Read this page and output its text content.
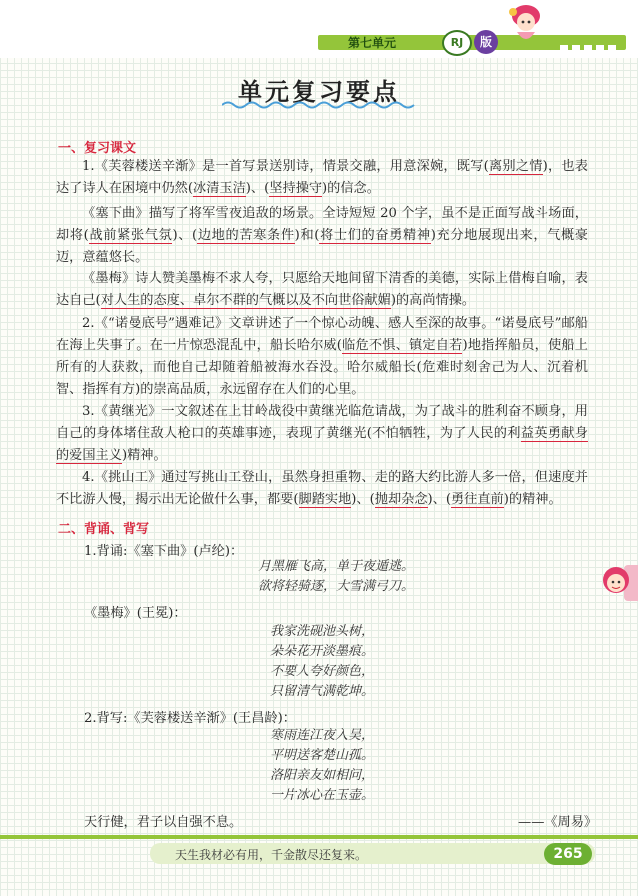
第七单元	RJ	版
单元复习要点
一、复习课文
1.《芙蓉楼送辛渐》是一首写景送别诗，情景交融，用意深婉，既写(离别之情)，也表达了诗人在困境中仍然(冰清玉洁)、(坚持操守)的信念。
《塞下曲》描写了将军雪夜追敌的场景。全诗短短 20 个字，虽不是正面写战斗场面，却将(战前紧张气氛)、(边地的苦寒条件)和(将士们的奋勇精神)充分地展现出来，气概豪迈，意蕴悠长。
《墨梅》诗人赞美墨梅不求人夸，只愿给天地间留下清香的美德，实际上借梅自喻，表达自己(对人生的态度、卓尔不群的气概以及不向世俗献媚)的高尚情操。
2.《“诺曼底号”遇难记》文章讲述了一个惊心动魄、感人至深的故事。“诺曼底号”邮船在海上失事了。在一片惊恐混乱中，船长哈尔威(临危不惧、镇定自若)地指挥船员，使船上所有的人获救，而他自己却随着船被海水吞没。哈尔威船长(危难时刻舍己为人、沉着机智、指挥有方)的崇高品质，永远留存在人们的心里。
3.《黄继光》一文叙述在上甘岭战役中黄继光临危请战，为了战斗的胜利奋不顾身，用自己的身体堵住敌人枪口的英雄事迹，表现了黄继光(不怕牺牲，为了人民的利益英勇献身的爱国主义)精神。
4.《挑山工》通过写挑山工登山，虽然身担重物、走的路大约比游人多一倍，但速度并不比游人慢，揭示出无论做什么事，都要(脚踏实地)、(抛却杂念)、(勇往直前)的精神。
二、背诵、背写
1.背诵:《塞下曲》(卢纶)：
月黑雁飞高，单于夜遁逃。
欲将轻骑逐，大雪满弓刀。
《墨梅》(王冕)：
我家洗砚池头树，
朵朵花开淡墨痕。
不要人夸好颜色，
只留清气满乾坤。
2.背写:《芙蓉楼送辛渐》(王昌龄)：
寒雨连江夜入吴，
平明送客楚山孤。
洛阳亲友如相问，
一片冰心在玉壶。
天行健，君子以自强不息。	——《周易》
天生我材必有用，千金散尽还复来。	265
